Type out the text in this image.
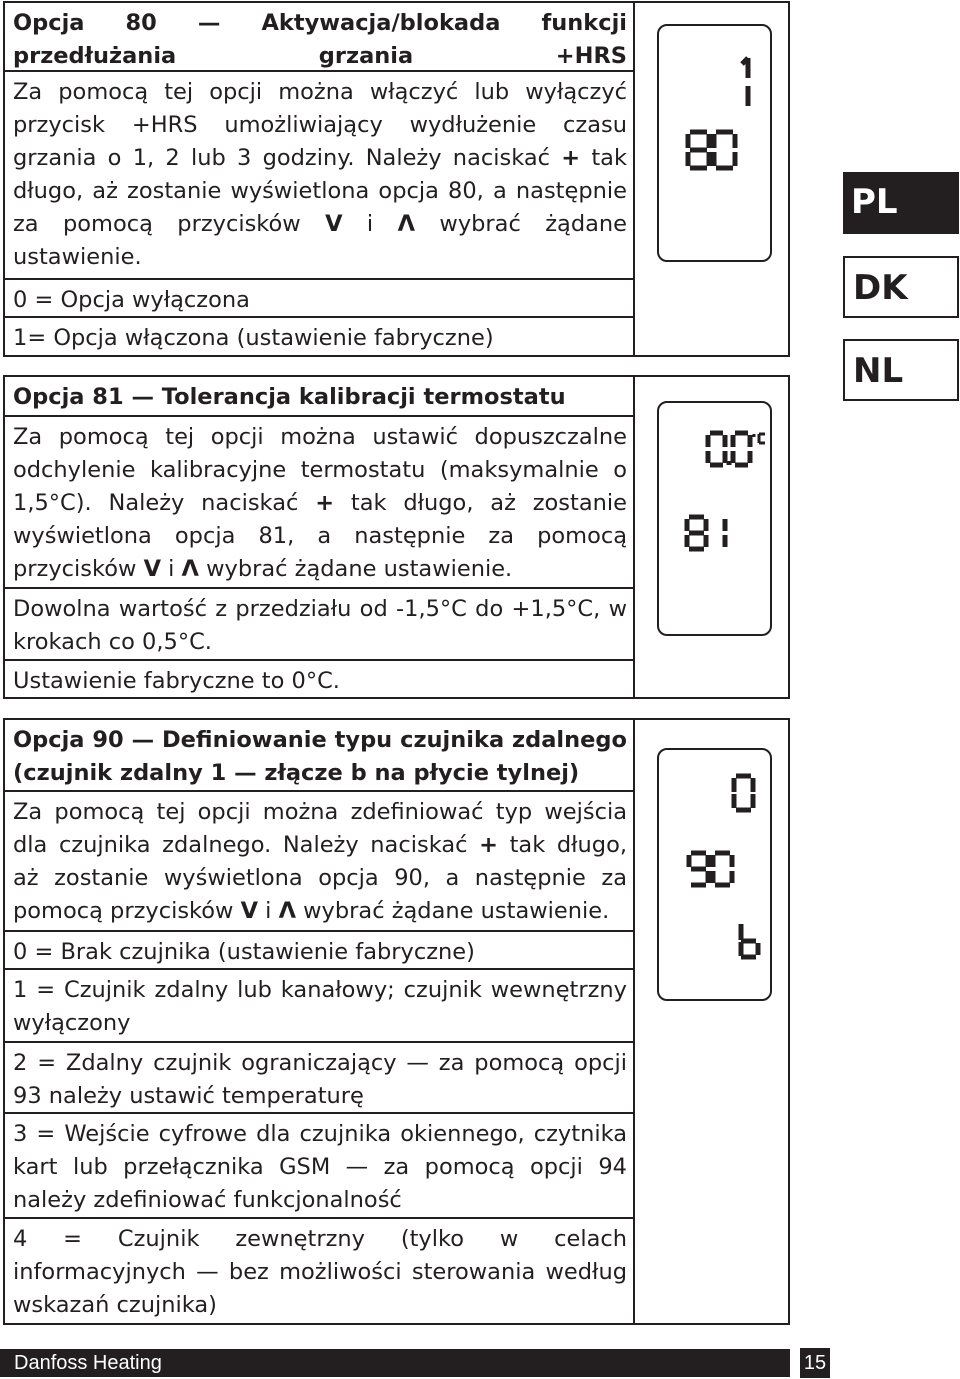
Opcja 80 — Aktywacja/blokada funkcji przedłużania grzania +HRS
Za pomocą tej opcji można włączyć lub wyłączyć przycisk +HRS umożliwiający wydłużenie czasu grzania o 1, 2 lub 3 godziny. Należy naciskać + tak długo, aż zostanie wyświetlona opcja 80, a następnie za pomocą przycisków V i Λ wybrać żądane ustawienie.
0 = Opcja wyłączona
1= Opcja włączona (ustawienie fabryczne)
Opcja 81 — Tolerancja kalibracji termostatu
Za pomocą tej opcji można ustawić dopuszczalne odchylenie kalibracyjne termostatu (maksymalnie o 1,5°C). Należy naciskać + tak długo, aż zostanie wyświetlona opcja 81, a następnie za pomocą przycisków V i Λ wybrać żądane ustawienie.
Dowolna wartość z przedziału od -1,5°C do +1,5°C, w krokach co 0,5°C.
Ustawienie fabryczne to 0°C.
Opcja 90 — Definiowanie typu czujnika zdalnego (czujnik zdalny 1 — złącze b na płycie tylnej)
Za pomocą tej opcji można zdefiniować typ wejścia dla czujnika zdalnego. Należy naciskać + tak długo, aż zostanie wyświetlona opcja 90, a następnie za pomocą przycisków V i Λ wybrać żądane ustawienie.
0 = Brak czujnika (ustawienie fabryczne)
1 = Czujnik zdalny lub kanałowy; czujnik wewnętrzny wyłączony
2 = Zdalny czujnik ograniczający — za pomocą opcji 93 należy ustawić temperaturę
3 = Wejście cyfrowe dla czujnika okiennego, czytnika kart lub przełącznika GSM — za pomocą opcji 94 należy zdefiniować funkcjonalność
4 = Czujnik zewnętrzny (tylko w celach informacyjnych — bez możliwości sterowania według wskazań czujnika)
PL
DK
NL
Danfoss Heating	15
